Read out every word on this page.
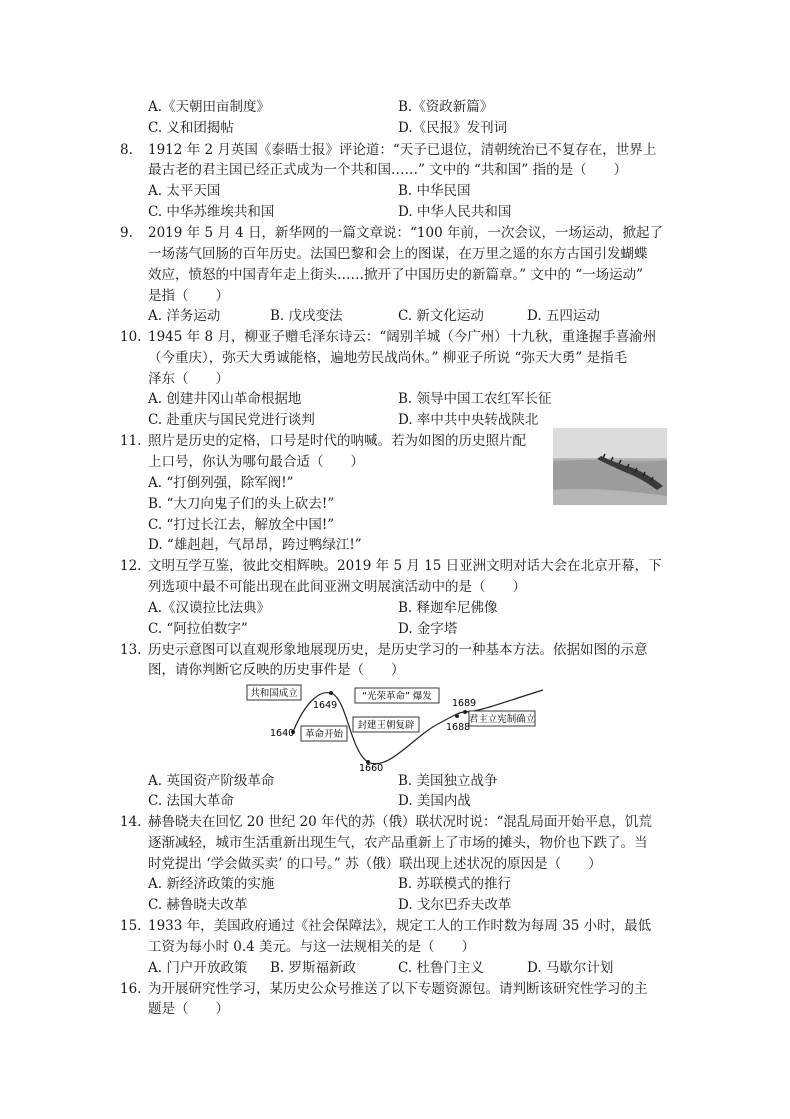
A.《天朝田亩制度》	B.《资政新篇》
C. 义和团揭帖	D.《民报》发刊词
8. 1912 年 2 月英国《泰晤士报》评论道：“天子已退位，清朝统治已不复存在，世界上
最古老的君主国已经正式成为一个共和国……” 文中的 “共和国” 指的是（　　）
A. 太平天国	B. 中华民国
C. 中华苏维埃共和国	D. 中华人民共和国
9. 2019 年 5 月 4 日，新华网的一篇文章说：“100 年前，一次会议，一场运动，掀起了
一场荡气回肠的百年历史。法国巴黎和会上的图谋，在万里之遥的东方古国引发蝴蝶
效应，愤怒的中国青年走上街头……掀开了中国历史的新篇章。” 文中的 “一场运动”
是指（　　）
A. 洋务运动	B. 戊戌变法	C. 新文化运动	D. 五四运动
10. 1945 年 8 月，柳亚子赠毛泽东诗云：“阔别羊城（今广州）十九秋，重逢握手喜渝州
（今重庆），弥天大勇诚能格，遍地劳民战尚休。” 柳亚子所说 “弥天大勇” 是指毛
泽东（　　）
A. 创建井冈山革命根据地	B. 领导中国工农红军长征
C. 赴重庆与国民党进行谈判	D. 率中共中央转战陕北
11. 照片是历史的定格，口号是时代的呐喊。若为如图的历史照片配
上口号，你认为哪句最合适（　　）
A. “打倒列强，除军阀!”
B. “大刀向鬼子们的头上砍去!”
C. “打过长江去，解放全中国!”
D. “雄赳赳，气昂昂，跨过鸭绿江!”
12. 文明互学互鉴，彼此交相辉映。2019 年 5 月 15 日亚洲文明对话大会在北京开幕，下
列选项中最不可能出现在此间亚洲文明展演活动中的是（　　）
A.《汉谟拉比法典》	B. 释迦牟尼佛像
C. “阿拉伯数字”	D. 金字塔
13. 历史示意图可以直观形象地展现历史，是历史学习的一种基本方法。依据如图的示意
图，请你判断它反映的历史事件是（　　）
共和国成立
革命开始
封建王朝复辟
“光荣革命” 爆发
君主立宪制确立
1640
1649
1660
1688
1689
A. 英国资产阶级革命	B. 美国独立战争
C. 法国大革命	D. 美国内战
14. 赫鲁晓夫在回忆 20 世纪 20 年代的苏（俄）联状况时说：“混乱局面开始平息，饥荒
逐渐减轻，城市生活重新出现生气，农产品重新上了市场的摊头，物价也下跌了。当
时党提出 ‘学会做买卖’ 的口号。” 苏（俄）联出现上述状况的原因是（　　）
A. 新经济政策的实施	B. 苏联模式的推行
C. 赫鲁晓夫改革	D. 戈尔巴乔夫改革
15. 1933 年，美国政府通过《社会保障法》，规定工人的工作时数为每周 35 小时，最低
工资为每小时 0.4 美元。与这一法规相关的是（　　）
A. 门户开放政策 B. 罗斯福新政	C. 杜鲁门主义	D. 马歇尔计划
16. 为开展研究性学习，某历史公众号推送了以下专题资源包。请判断该研究性学习的主
题是（　　）
